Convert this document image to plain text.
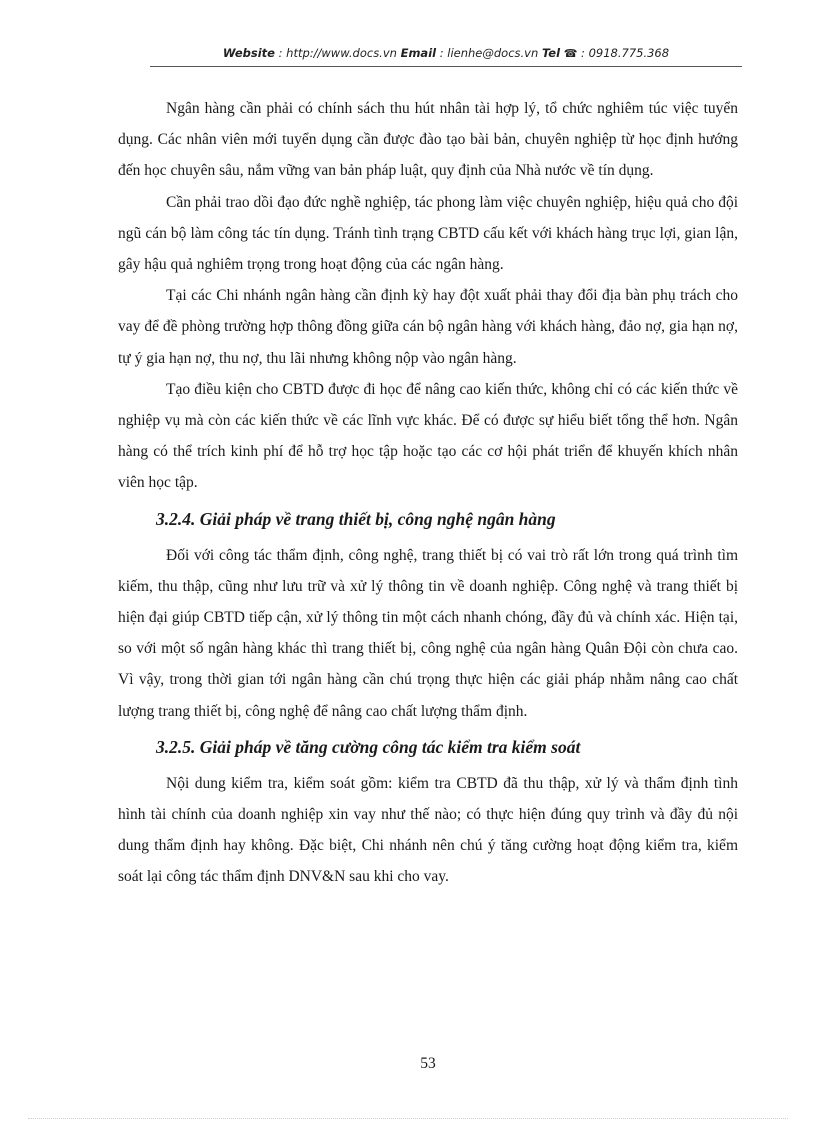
Website : http://www.docs.vn Email : lienhe@docs.vn Tel ☎ : 0918.775.368

Ngân hàng cần phải có chính sách thu hút nhân tài hợp lý, tổ chức nghiêm túc việc tuyển dụng. Các nhân viên mới tuyển dụng cần được đào tạo bài bản, chuyên nghiệp từ học định hướng đến học chuyên sâu, nắm vững van bản pháp luật, quy định của Nhà nước về tín dụng.

Cần phải trao dồi đạo đức nghề nghiệp, tác phong làm việc chuyên nghiệp, hiệu quả cho đội ngũ cán bộ làm công tác tín dụng. Tránh tình trạng CBTD cấu kết với khách hàng trục lợi, gian lận, gây hậu quả nghiêm trọng trong hoạt động của các ngân hàng.

Tại các Chi nhánh ngân hàng cần định kỳ hay đột xuất phải thay đổi địa bàn phụ trách cho vay để đề phòng trường hợp thông đồng giữa cán bộ ngân hàng với khách hàng, đảo nợ, gia hạn nợ, tự ý gia hạn nợ, thu nợ, thu lãi nhưng không nộp vào ngân hàng.

Tạo điều kiện cho CBTD được đi học để nâng cao kiến thức, không chỉ có các kiến thức về nghiệp vụ mà còn các kiến thức về các lĩnh vực khác. Để có được sự hiểu biết tổng thể hơn. Ngân hàng có thể trích kinh phí để hỗ trợ học tập hoặc tạo các cơ hội phát triển để khuyến khích nhân viên học tập.

3.2.4. Giải pháp về trang thiết bị, công nghệ ngân hàng

Đối với công tác thẩm định, công nghệ, trang thiết bị có vai trò rất lớn trong quá trình tìm kiếm, thu thập, cũng như lưu trữ và xử lý thông tin về doanh nghiệp. Công nghệ và trang thiết bị hiện đại giúp CBTD tiếp cận, xử lý thông tin một cách nhanh chóng, đầy đủ và chính xác. Hiện tại, so với một số ngân hàng khác thì trang thiết bị, công nghệ của ngân hàng Quân Đội còn chưa cao. Vì vậy, trong thời gian tới ngân hàng cần chú trọng thực hiện các giải pháp nhằm nâng cao chất lượng trang thiết bị, công nghệ để nâng cao chất lượng thẩm định.

3.2.5. Giải pháp về tăng cường công tác kiểm tra kiểm soát

Nội dung kiểm tra, kiểm soát gồm: kiểm tra CBTD đã thu thập, xử lý và thẩm định tình hình tài chính của doanh nghiệp xin vay như thế nào; có thực hiện đúng quy trình và đầy đủ nội dung thẩm định hay không. Đặc biệt, Chi nhánh nên chú ý tăng cường hoạt động kiểm tra, kiểm soát lại công tác thẩm định DNV&N sau khi cho vay.

53
